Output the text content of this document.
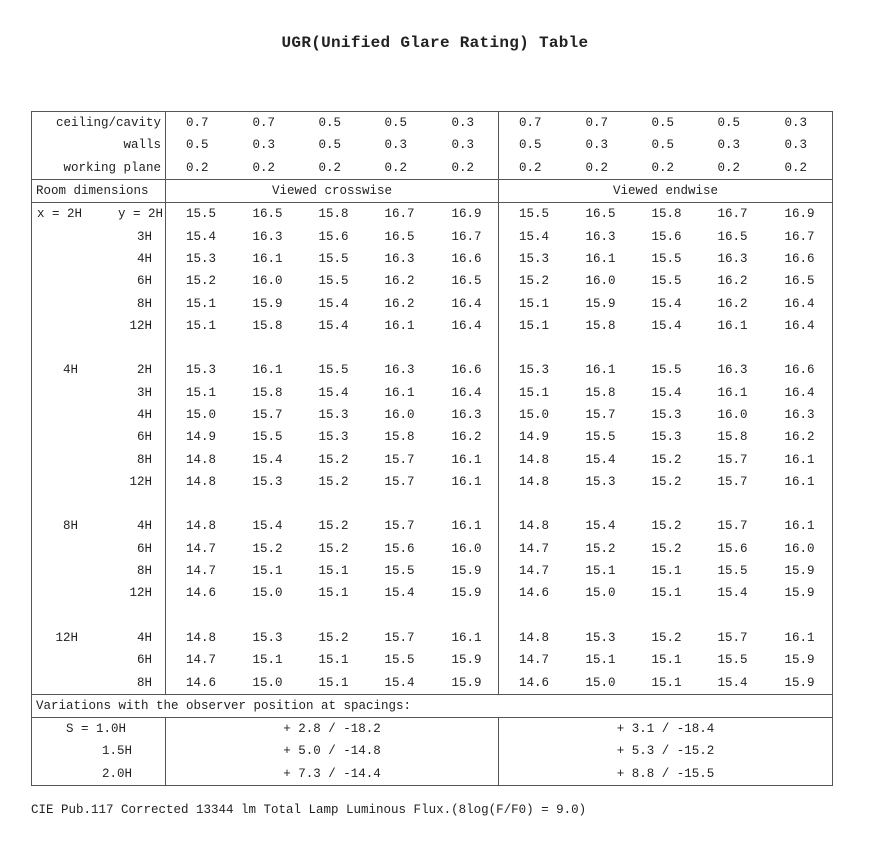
UGR(Unified Glare Rating) Table
ceiling/cavity	0.7	0.7	0.5	0.5	0.3	0.7	0.7	0.5	0.5	0.3
walls	0.5	0.3	0.5	0.3	0.3	0.5	0.3	0.5	0.3	0.3
working plane	0.2	0.2	0.2	0.2	0.2	0.2	0.2	0.2	0.2	0.2
Room dimensions	Viewed crosswise					Viewed endwise				
x = 2H y = 2H	15.5	16.5	15.8	16.7	16.9	15.5	16.5	15.8	16.7	16.9
3H	15.4	16.3	15.6	16.5	16.7	15.4	16.3	15.6	16.5	16.7
4H	15.3	16.1	15.5	16.3	16.6	15.3	16.1	15.5	16.3	16.6
6H	15.2	16.0	15.5	16.2	16.5	15.2	16.0	15.5	16.2	16.5
8H	15.1	15.9	15.4	16.2	16.4	15.1	15.9	15.4	16.2	16.4
12H	15.1	15.8	15.4	16.1	16.4	15.1	15.8	15.4	16.1	16.4

4H 2H	15.3	16.1	15.5	16.3	16.6	15.3	16.1	15.5	16.3	16.6
3H	15.1	15.8	15.4	16.1	16.4	15.1	15.8	15.4	16.1	16.4
4H	15.0	15.7	15.3	16.0	16.3	15.0	15.7	15.3	16.0	16.3
6H	14.9	15.5	15.3	15.8	16.2	14.9	15.5	15.3	15.8	16.2
8H	14.8	15.4	15.2	15.7	16.1	14.8	15.4	15.2	15.7	16.1
12H	14.8	15.3	15.2	15.7	16.1	14.8	15.3	15.2	15.7	16.1

8H 4H	14.8	15.4	15.2	15.7	16.1	14.8	15.4	15.2	15.7	16.1
6H	14.7	15.2	15.2	15.6	16.0	14.7	15.2	15.2	15.6	16.0
8H	14.7	15.1	15.1	15.5	15.9	14.7	15.1	15.1	15.5	15.9
12H	14.6	15.0	15.1	15.4	15.9	14.6	15.0	15.1	15.4	15.9

12H 4H	14.8	15.3	15.2	15.7	16.1	14.8	15.3	15.2	15.7	16.1
6H	14.7	15.1	15.1	15.5	15.9	14.7	15.1	15.1	15.5	15.9
8H	14.6	15.0	15.1	15.4	15.9	14.6	15.0	15.1	15.4	15.9
Variations with the observer position at spacings:										
S = 1.0H	+ 2.8 / -18.2					+ 3.1 / -18.4				
1.5H	+ 5.0 / -14.8					+ 5.3 / -15.2				
2.0H	+ 7.3 / -14.4					+ 8.8 / -15.5				
CIE Pub.117 Corrected 13344 lm Total Lamp Luminous Flux.(8log(F/F0) = 9.0)
